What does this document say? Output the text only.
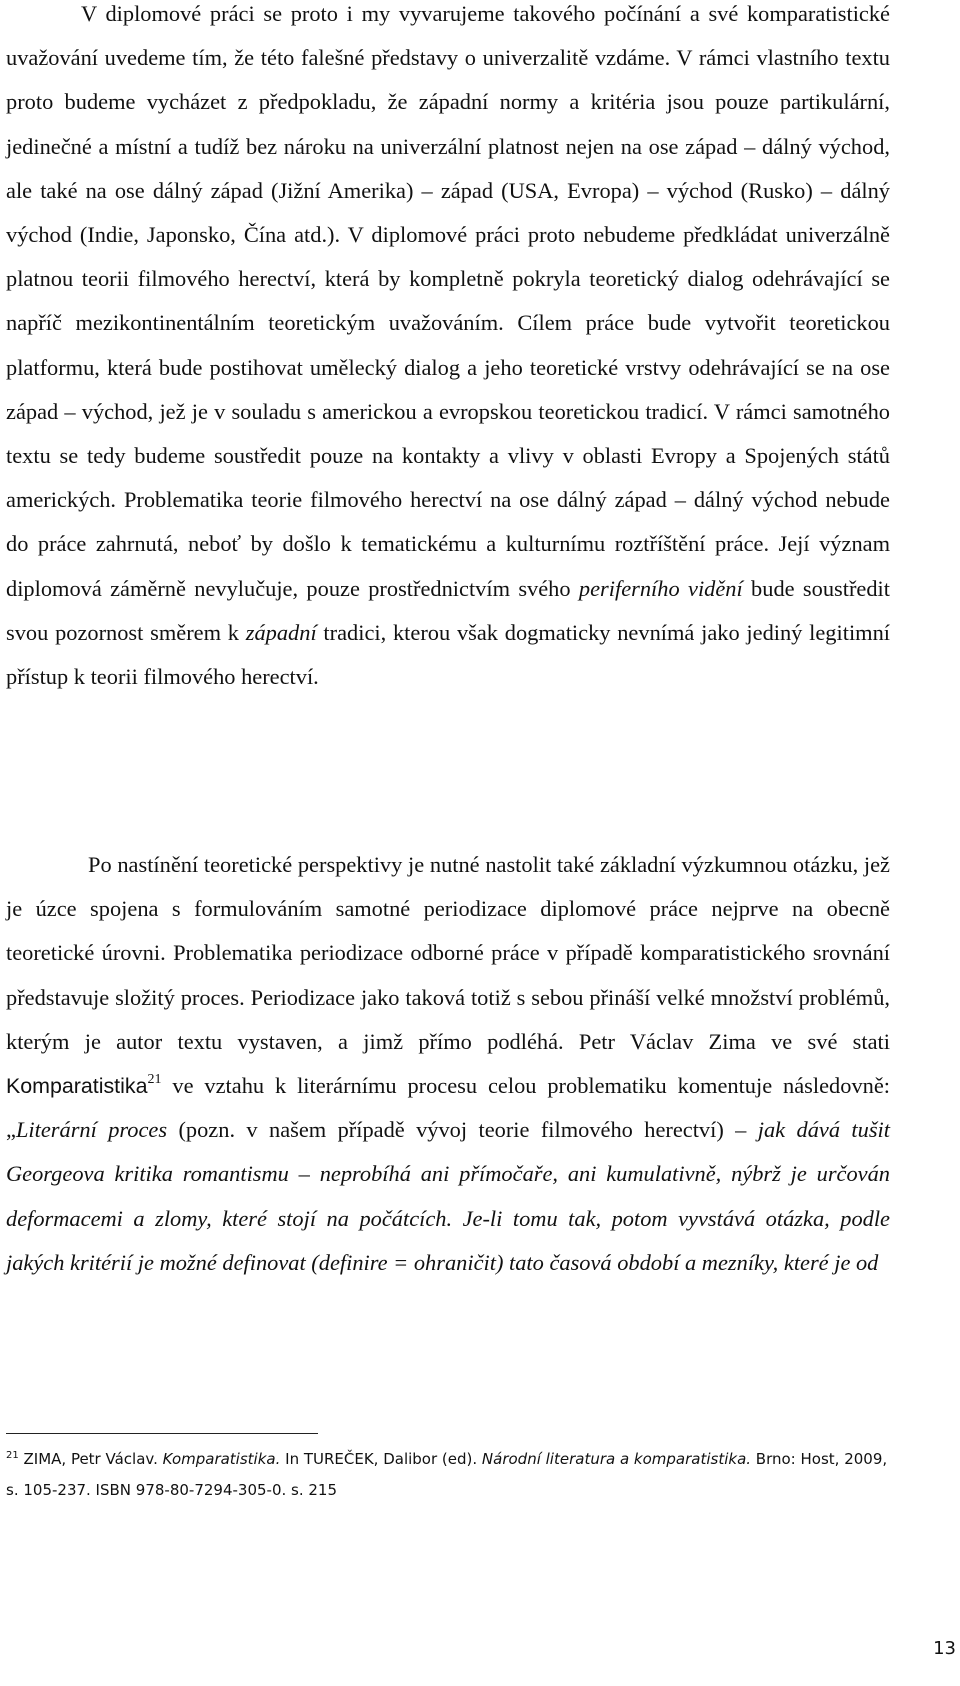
V diplomové práci se proto i my vyvarujeme takového počínání a své komparatistické uvažování uvedeme tím, že této falešné představy o univerzalitě vzdáme. V rámci vlastního textu proto budeme vycházet z předpokladu, že západní normy a kritéria jsou pouze partikulární, jedinečné a místní a tudíž bez nároku na univerzální platnost nejen na ose západ – dálný východ, ale také na ose dálný západ (Jižní Amerika) – západ (USA, Evropa) – východ (Rusko) – dálný východ (Indie, Japonsko, Čína atd.). V diplomové práci proto nebudeme předkládat univerzálně platnou teorii filmového herectví, která by kompletně pokryla teoretický dialog odehrávající se napříč mezikontinentálním teoretickým uvažováním. Cílem práce bude vytvořit teoretickou platformu, která bude postihovat umělecký dialog a jeho teoretické vrstvy odehrávající se na ose západ – východ, jež je v souladu s americkou a evropskou teoretickou tradicí. V rámci samotného textu se tedy budeme soustředit pouze na kontakty a vlivy v oblasti Evropy a Spojených států amerických. Problematika teorie filmového herectví na ose dálný západ – dálný východ nebude do práce zahrnutá, neboť by došlo k tematickému a kulturnímu roztříštění práce. Její význam diplomová záměrně nevylučuje, pouze prostřednictvím svého periferního vidění bude soustředit svou pozornost směrem k západní tradici, kterou však dogmaticky nevnímá jako jediný legitimní přístup k teorii filmového herectví.

Po nastínění teoretické perspektivy je nutné nastolit také základní výzkumnou otázku, jež je úzce spojena s formulováním samotné periodizace diplomové práce nejprve na obecně teoretické úrovni. Problematika periodizace odborné práce v případě komparatistického srovnání představuje složitý proces. Periodizace jako taková totiž s sebou přináší velké množství problémů, kterým je autor textu vystaven, a jimž přímo podléhá. Petr Václav Zima ve své stati Komparatistika$^{21}$ ve vztahu k literárnímu procesu celou problematiku komentuje následovně: „Literární proces (pozn. v našem případě vývoj teorie filmového herectví) – jak dává tušit Georgeova kritika romantismu – neprobíhá ani přímočaře, ani kumulativně, nýbrž je určován deformacemi a zlomy, které stojí na počátcích. Je-li tomu tak, potom vyvstává otázka, podle jakých kritérií je možné definovat (definire = ohraničit) tato časová období a mezníky, které je od

$^{21}$ ZIMA, Petr Václav. Komparatistika. In TUREČEK, Dalibor (ed). Národní literatura a komparatistika. Brno: Host, 2009, s. 105-237. ISBN 978-80-7294-305-0. s. 215

13
